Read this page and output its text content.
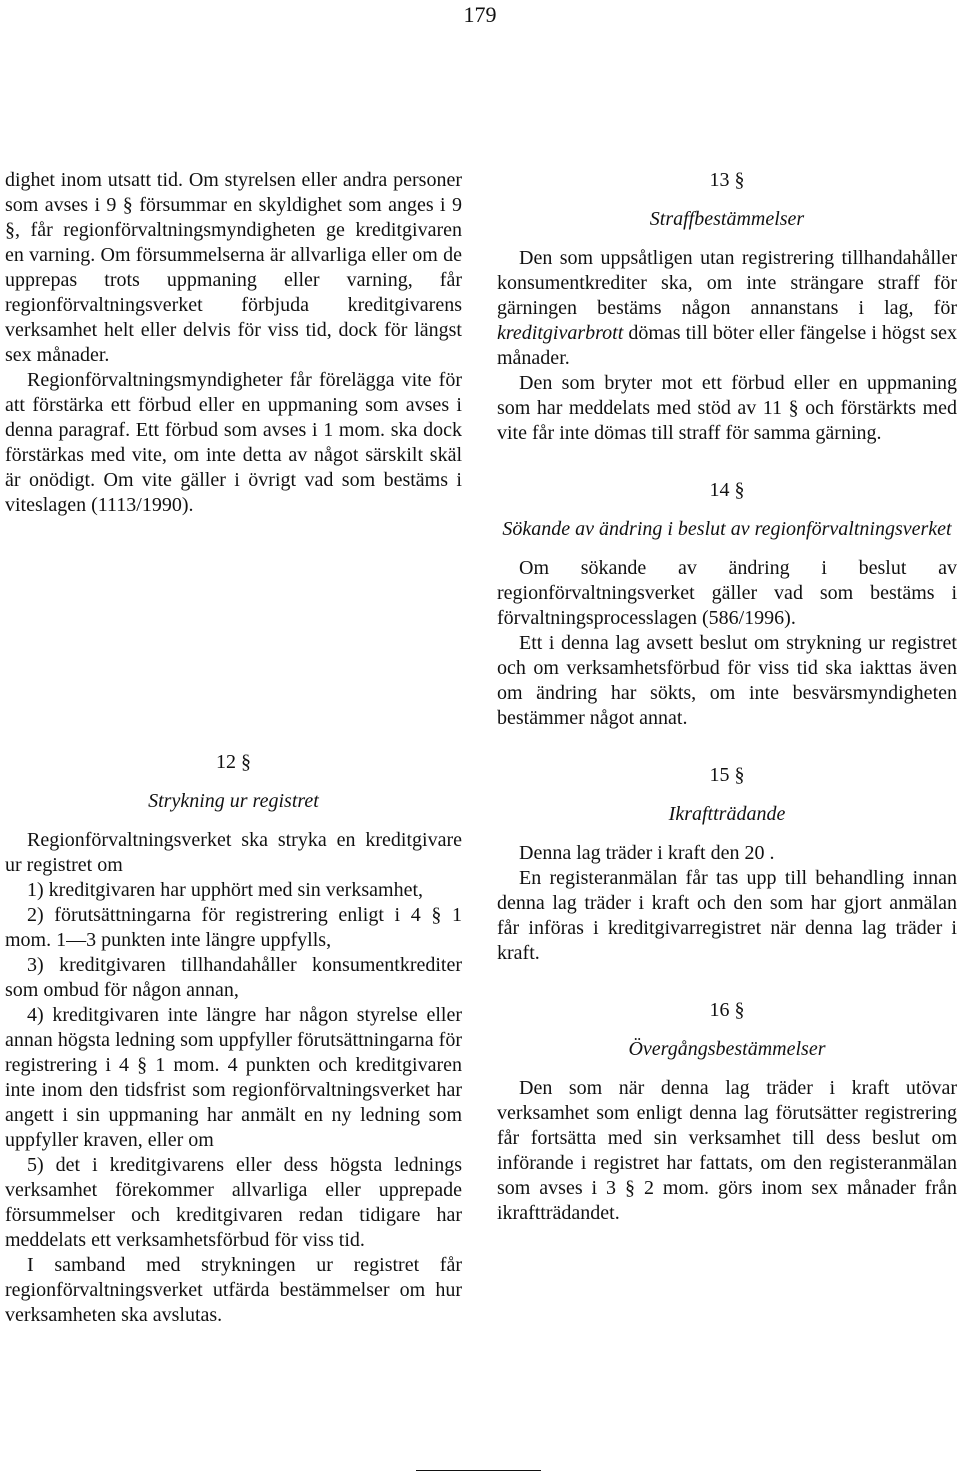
179

dighet inom utsatt tid. Om styrelsen eller andra personer som avses i 9 § försummar en skyldighet som anges i 9 §, får regionförvaltningsmyndigheten ge kreditgivaren en varning. Om försummelserna är allvarliga eller om de upprepas trots uppmaning eller varning, får regionförvaltningsverket förbjuda kreditgivarens verksamhet helt eller delvis för viss tid, dock för längst sex månader.

Regionförvaltningsmyndigheter får förelägga vite för att förstärka ett förbud eller en uppmaning som avses i denna paragraf. Ett förbud som avses i 1 mom. ska dock förstärkas med vite, om inte detta av något särskilt skäl är onödigt. Om vite gäller i övrigt vad som bestäms i viteslagen (1113/1990).

12 §

Strykning ur registret

Regionförvaltningsverket ska stryka en kreditgivare ur registret om

1) kreditgivaren har upphört med sin verksamhet,

2) förutsättningarna för registrering enligt i 4 § 1 mom. 1—3 punkten inte längre uppfylls,

3) kreditgivaren tillhandahåller konsumentkrediter som ombud för någon annan,

4) kreditgivaren inte längre har någon styrelse eller annan högsta ledning som uppfyller förutsättningarna för registrering i 4 § 1 mom. 4 punkten och kreditgivaren inte inom den tidsfrist som regionförvaltningsverket har angett i sin uppmaning har anmält en ny ledning som uppfyller kraven, eller om

5) det i kreditgivarens eller dess högsta lednings verksamhet förekommer allvarliga eller upprepade försummelser och kreditgivaren redan tidigare har meddelats ett verksamhetsförbud för viss tid.

I samband med strykningen ur registret får regionförvaltningsverket utfärda bestämmelser om hur verksamheten ska avslutas.

13 §

Straffbestämmelser

Den som uppsåtligen utan registrering tillhandahåller konsumentkrediter ska, om inte strängare straff för gärningen bestäms någon annanstans i lag, för kreditgivarbrott dömas till böter eller fängelse i högst sex månader.

Den som bryter mot ett förbud eller en uppmaning som har meddelats med stöd av 11 § och förstärkts med vite får inte dömas till straff för samma gärning.

14 §

Sökande av ändring i beslut av regionförvaltningsverket

Om sökande av ändring i beslut av regionförvaltningsverket gäller vad som bestäms i förvaltningsprocesslagen (586/1996).

Ett i denna lag avsett beslut om strykning ur registret och om verksamhetsförbud för viss tid ska iakttas även om ändring har sökts, om inte besvärsmyndigheten bestämmer något annat.

15 §

Ikraftträdande

Denna lag träder i kraft den 20 .

En registeranmälan får tas upp till behandling innan denna lag träder i kraft och den som har gjort anmälan får införas i kreditgivarregistret när denna lag träder i kraft.

16 §

Övergångsbestämmelser

Den som när denna lag träder i kraft utövar verksamhet som enligt denna lag förutsätter registrering får fortsätta med sin verksamhet till dess beslut om införande i registret har fattats, om den registeranmälan som avses i 3 § 2 mom. görs inom sex månader från ikraftträdandet.
